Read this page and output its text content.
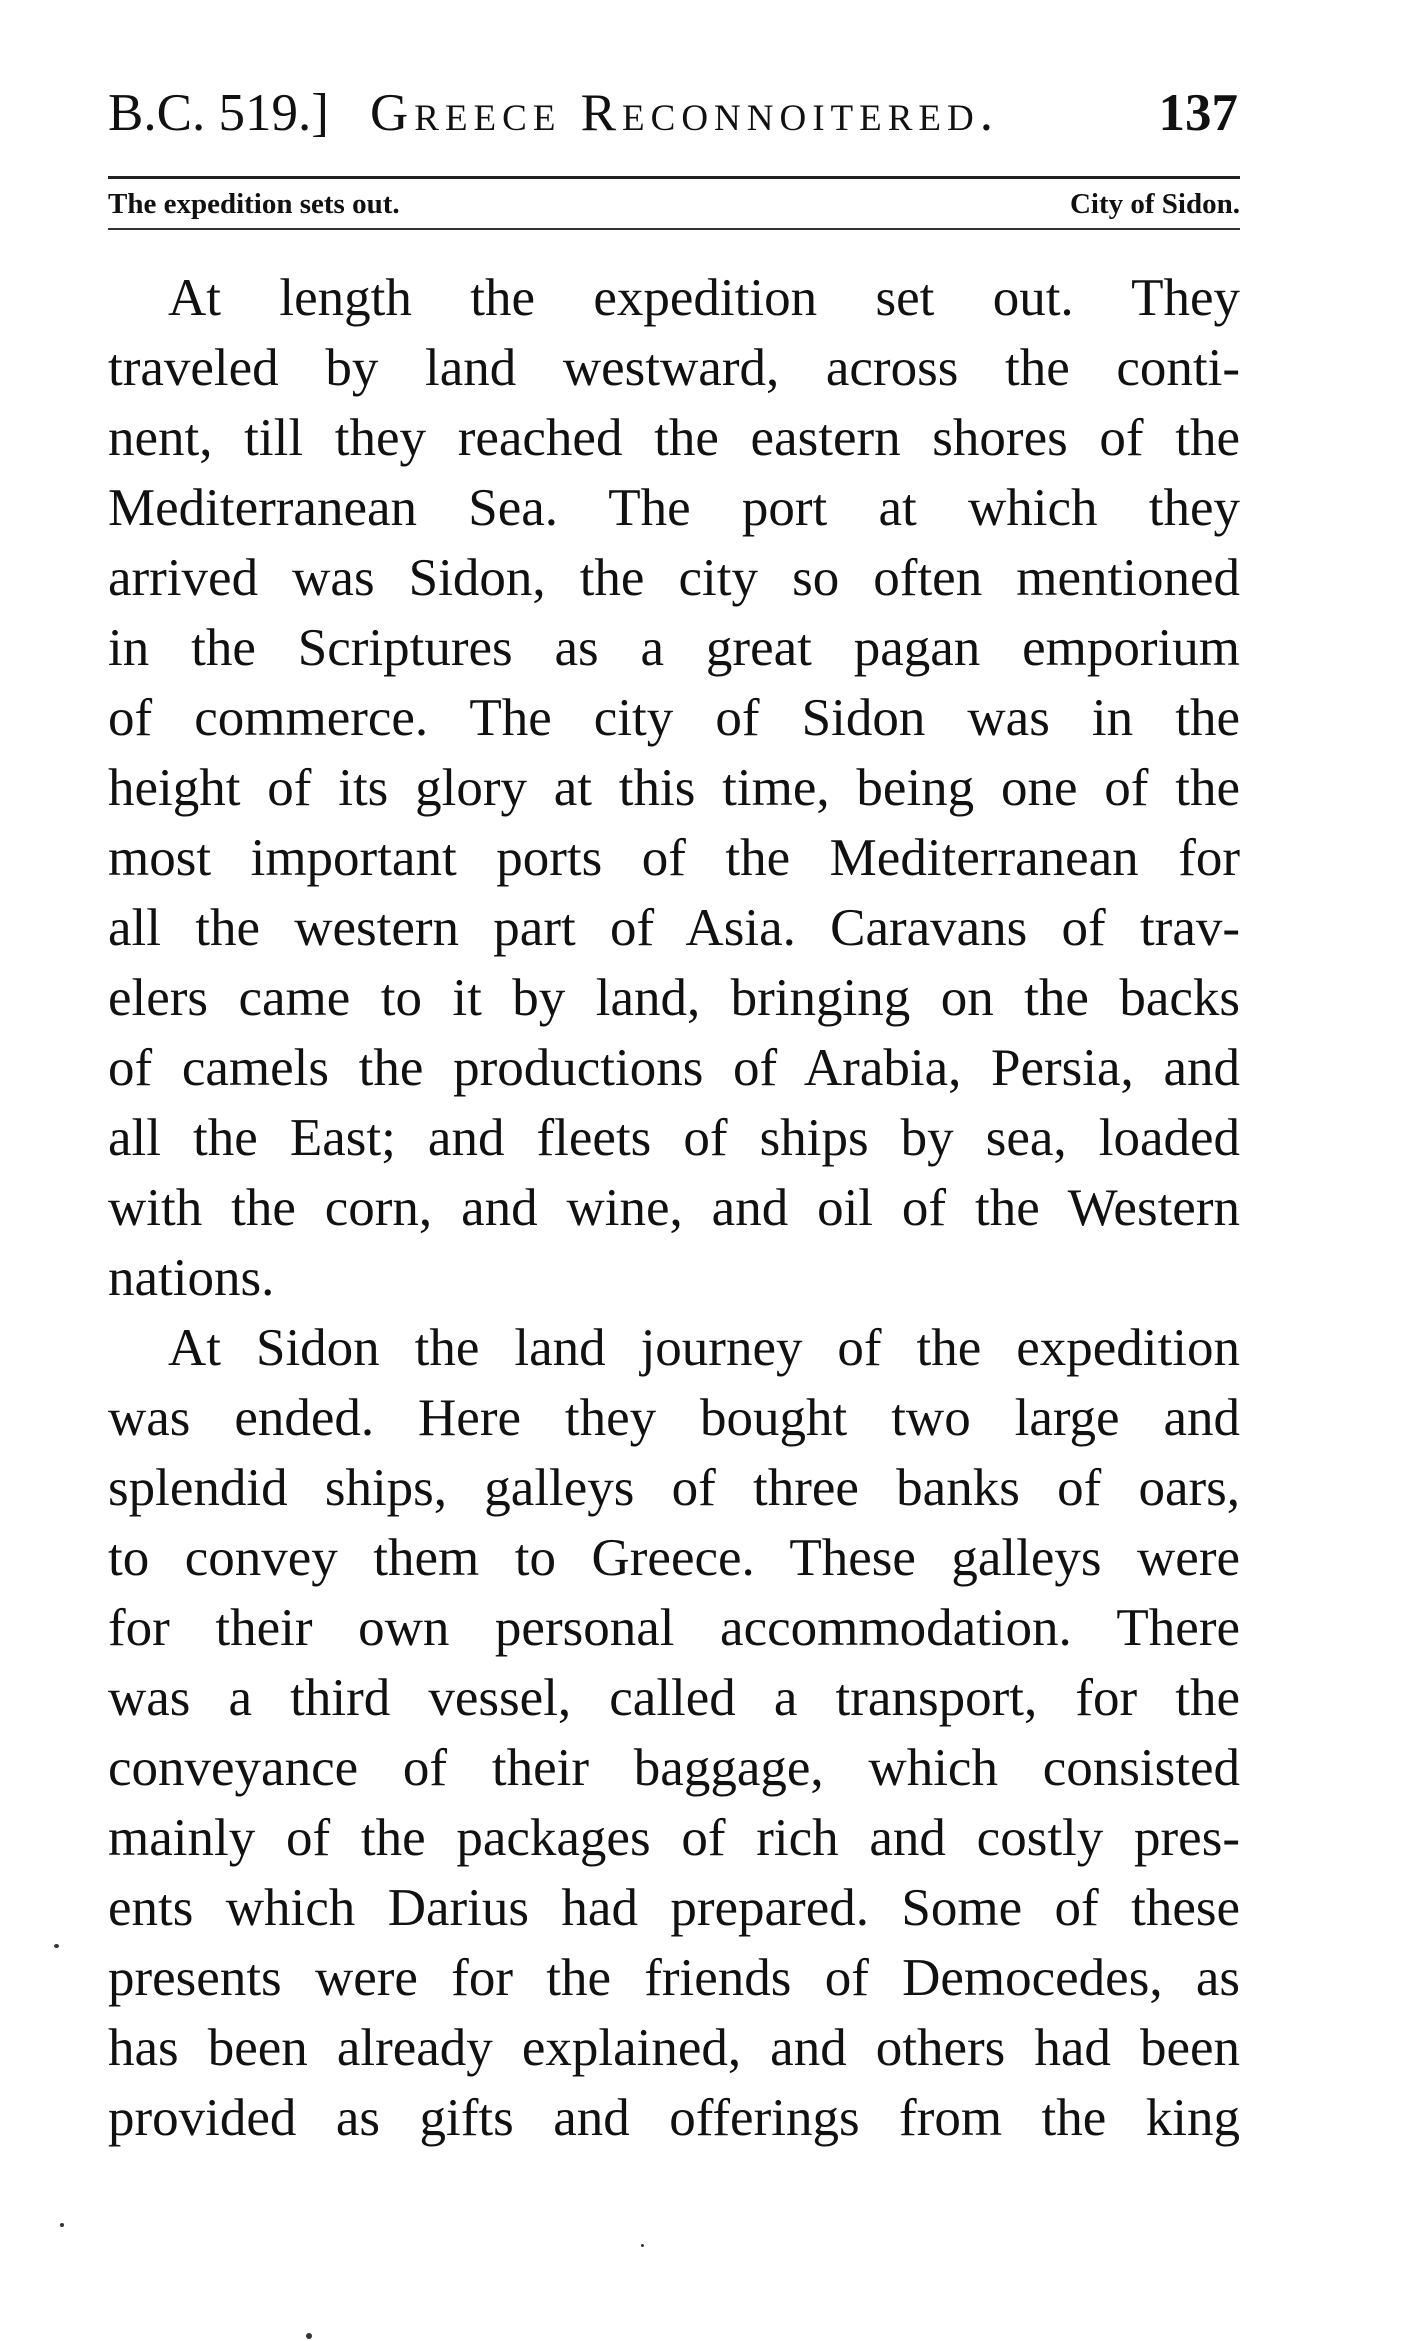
B.C. 519.] Greece Reconnoitered.	137
The expedition sets out.	City of Sidon.
At length the expedition set out. They
traveled by land westward, across the conti-
nent, till they reached the eastern shores of the
Mediterranean Sea. The port at which they
arrived was Sidon, the city so often mentioned
in the Scriptures as a great pagan emporium
of commerce. The city of Sidon was in the
height of its glory at this time, being one of the
most important ports of the Mediterranean for
all the western part of Asia. Caravans of trav-
elers came to it by land, bringing on the backs
of camels the productions of Arabia, Persia, and
all the East; and fleets of ships by sea, loaded
with the corn, and wine, and oil of the Western
nations.
At Sidon the land journey of the expedition
was ended. Here they bought two large and
splendid ships, galleys of three banks of oars,
to convey them to Greece. These galleys were
for their own personal accommodation. There
was a third vessel, called a transport, for the
conveyance of their baggage, which consisted
mainly of the packages of rich and costly pres-
ents which Darius had prepared. Some of these
presents were for the friends of Democedes, as
has been already explained, and others had been
provided as gifts and offerings from the king
